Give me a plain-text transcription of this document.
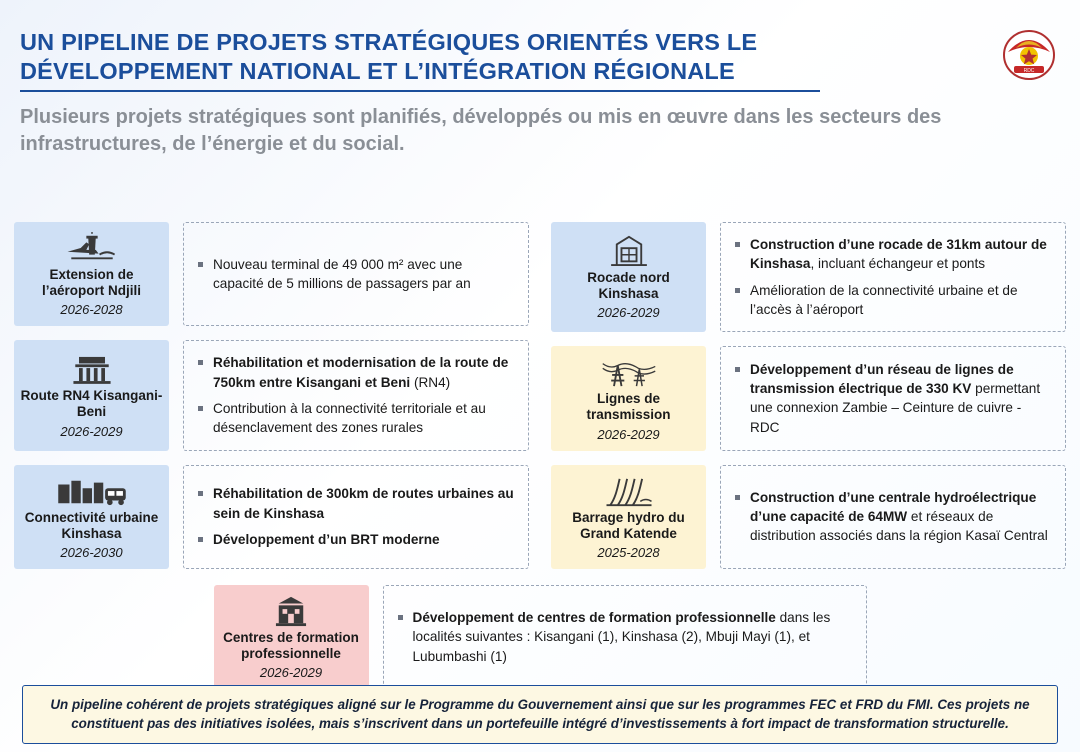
UN PIPELINE DE PROJETS STRATÉGIQUES ORIENTÉS VERS LE DÉVELOPPEMENT NATIONAL ET L’INTÉGRATION RÉGIONALE
Plusieurs projets stratégiques sont planifiés, développés ou mis en œuvre dans les secteurs des infrastructures, de l’énergie et du social.
RDC
Extension de l’aéroport Ndjili
2026-2028
Nouveau terminal de 49 000 m² avec une capacité de 5 millions de passagers par an
Route RN4 Kisangani-Beni
2026-2029
Réhabilitation et modernisation de la route de 750km entre Kisangani et Beni (RN4)
Contribution à la connectivité territoriale et au désenclavement des zones rurales
Connectivité urbaine Kinshasa
2026-2030
Réhabilitation de 300km de routes urbaines au sein de Kinshasa
Développement d’un BRT moderne
Rocade nord Kinshasa
2026-2029
Construction d’une rocade de 31km autour de Kinshasa, incluant échangeur et ponts
Amélioration de la connectivité urbaine et de l’accès à l’aéroport
Lignes de transmission
2026-2029
Développement d’un réseau de lignes de transmission électrique de 330 KV permettant une connexion Zambie – Ceinture de cuivre - RDC
Barrage hydro du Grand Katende
2025-2028
Construction d’une centrale hydroélectrique d’une capacité de 64MW et réseaux de distribution associés dans la région Kasaï Central
Centres de formation professionnelle
2026-2029
Développement de centres de formation professionnelle dans les localités suivantes : Kisangani (1), Kinshasa (2), Mbuji Mayi (1), et Lubumbashi (1)
Un pipeline cohérent de projets stratégiques aligné sur le Programme du Gouvernement ainsi que sur les programmes FEC et FRD du FMI. Ces projets ne constituent pas des initiatives isolées, mais s’inscrivent dans un portefeuille intégré d’investissements à fort impact de transformation structurelle.
